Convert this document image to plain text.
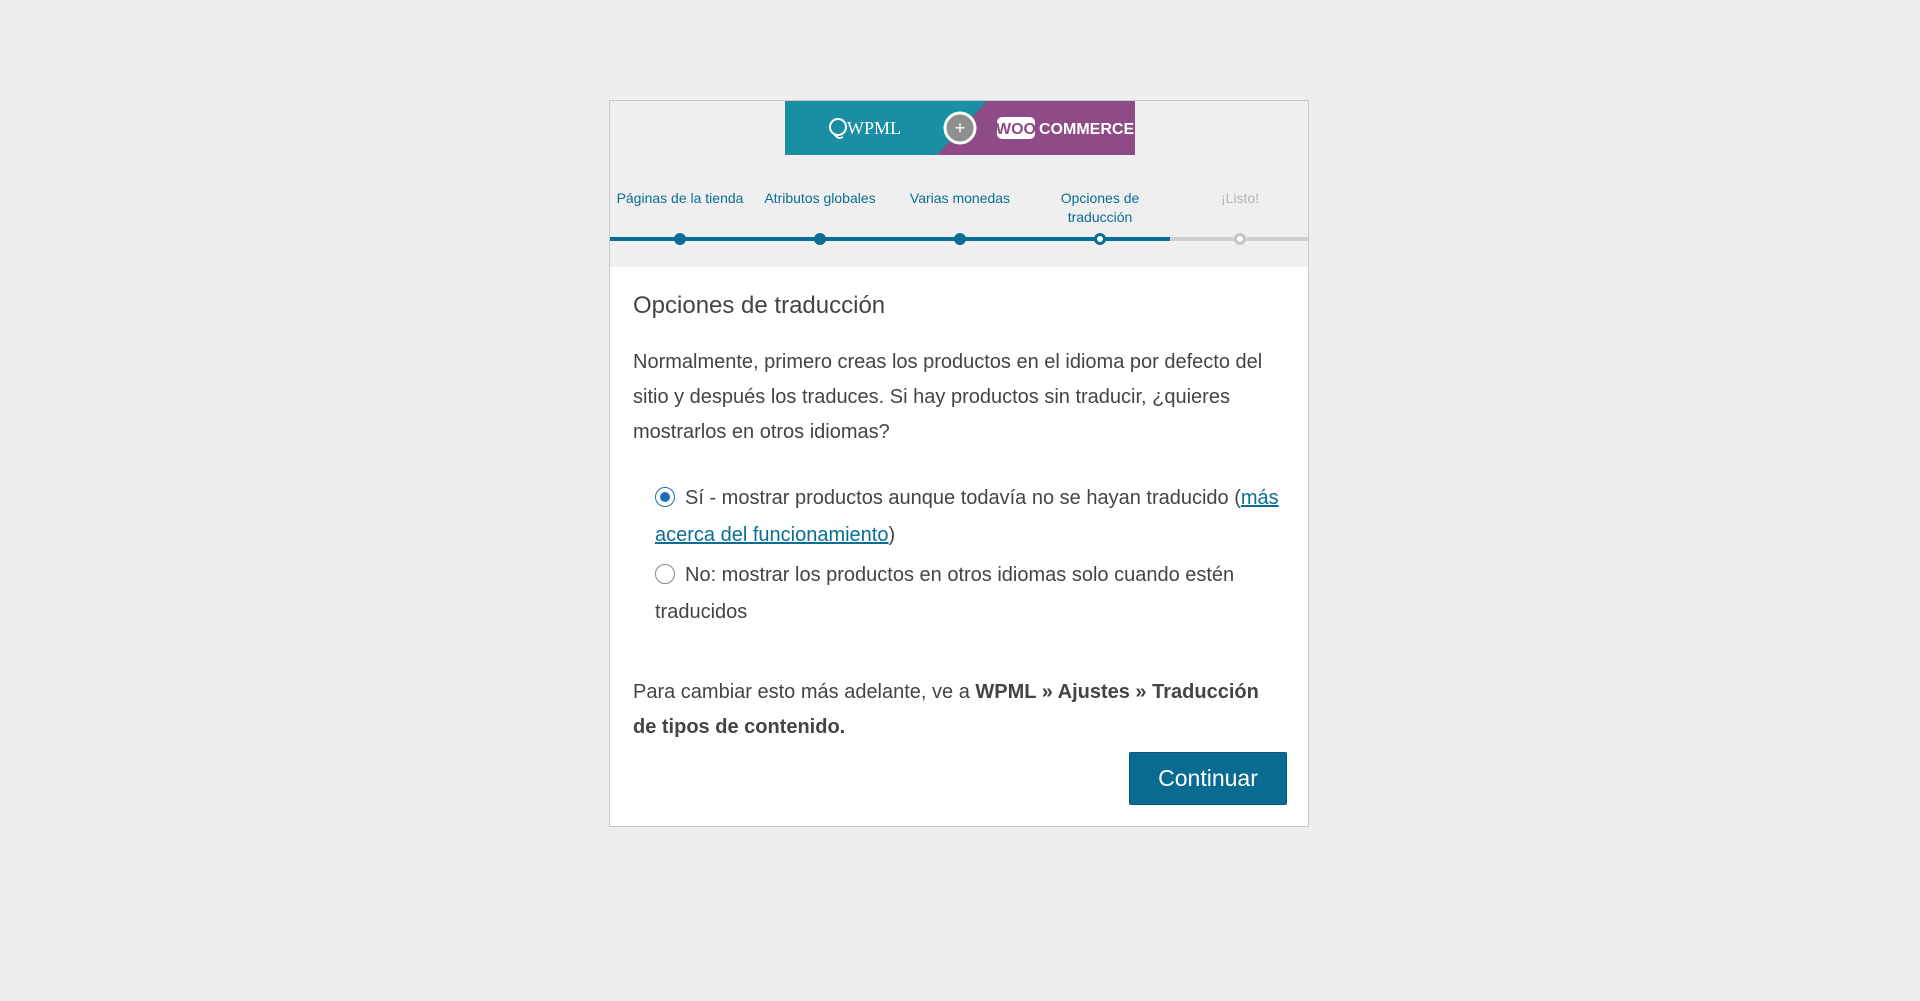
WPML	+ WOO COMMERCE
Páginas de la tienda	Atributos globales	Varias monedas	Opciones de traducción
¡Listo!
Opciones de traducción

Normalmente, primero creas los productos en el idioma por defecto del sitio y después los traduces. Si hay productos sin traducir, ¿quieres mostrarlos en otros idiomas?

Sí - mostrar productos aunque todavía no se hayan traducido (más acerca del funcionamiento)
No: mostrar los productos en otros idiomas solo cuando estén traducidos

Para cambiar esto más adelante, ve a WPML » Ajustes » Traducción de tipos de contenido.

Continuar
